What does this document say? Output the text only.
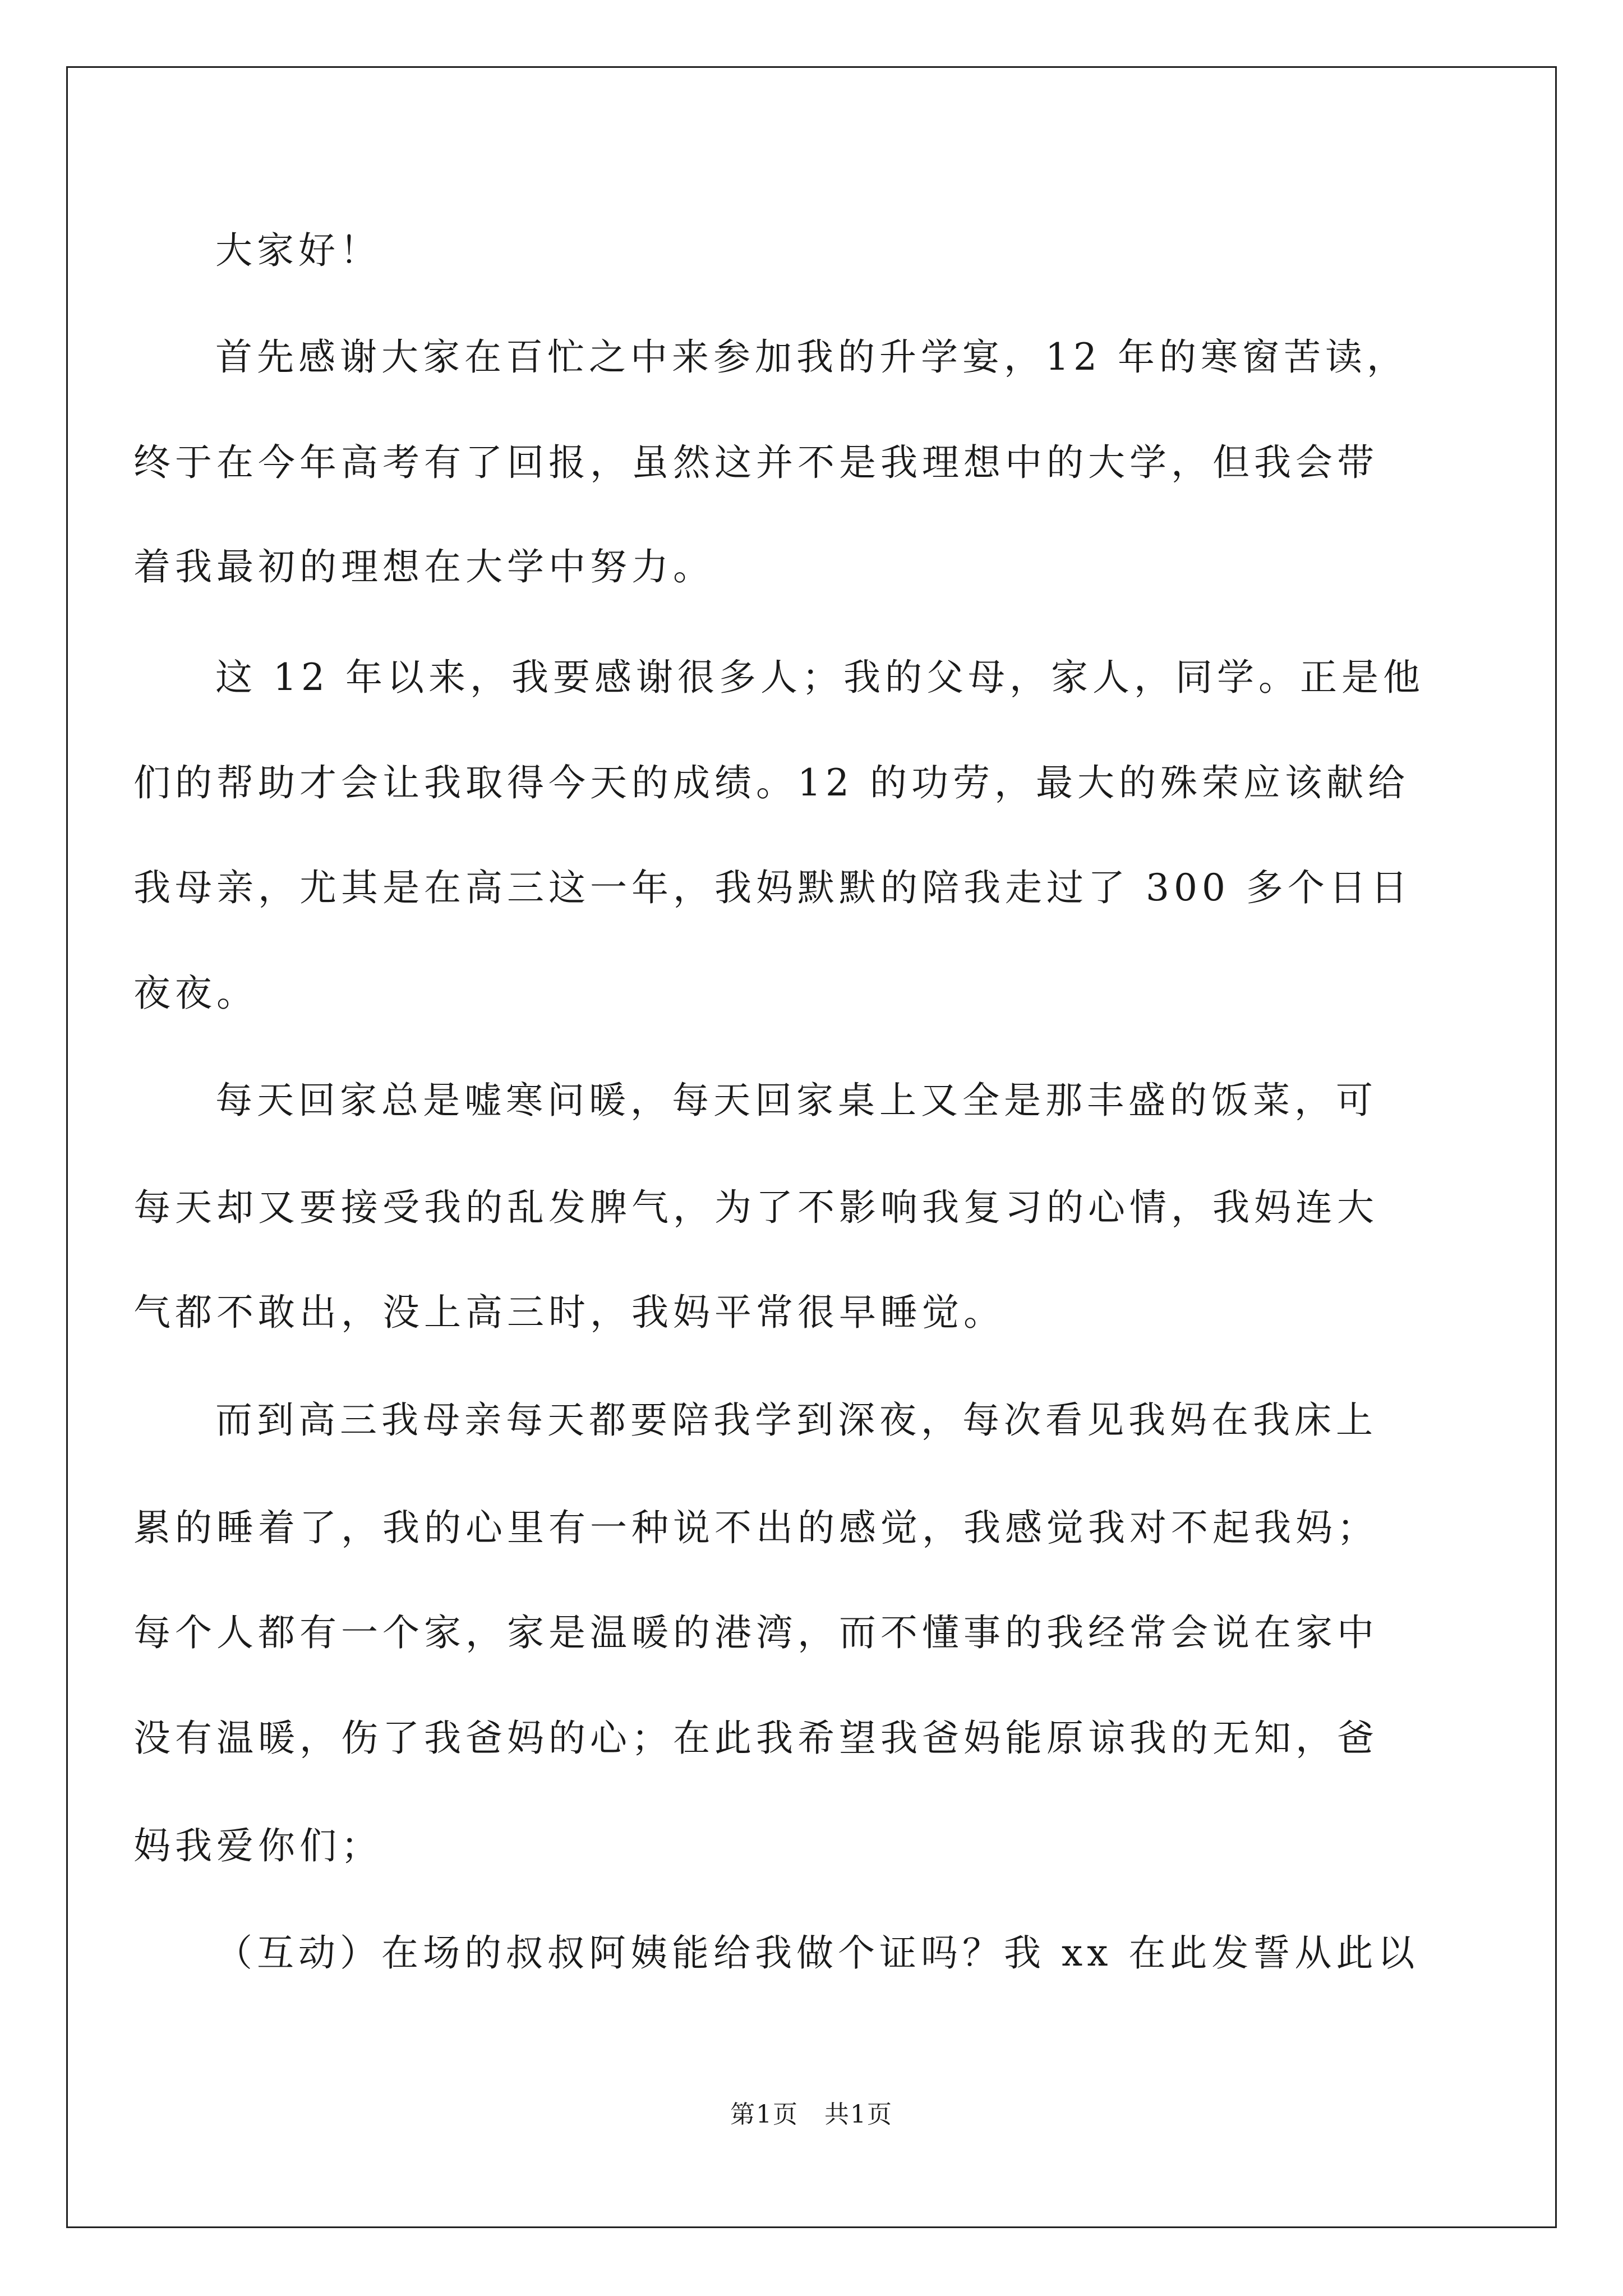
大家好！
首先感谢大家在百忙之中来参加我的升学宴，12 年的寒窗苦读，
终于在今年高考有了回报，虽然这并不是我理想中的大学，但我会带
着我最初的理想在大学中努力。
这 12 年以来，我要感谢很多人；我的父母，家人，同学。正是他
们的帮助才会让我取得今天的成绩。12 的功劳，最大的殊荣应该献给
我母亲，尤其是在高三这一年，我妈默默的陪我走过了 300 多个日日
夜夜。
每天回家总是嘘寒问暖，每天回家桌上又全是那丰盛的饭菜，可
每天却又要接受我的乱发脾气，为了不影响我复习的心情，我妈连大
气都不敢出，没上高三时，我妈平常很早睡觉。
而到高三我母亲每天都要陪我学到深夜，每次看见我妈在我床上
累的睡着了，我的心里有一种说不出的感觉，我感觉我对不起我妈；
每个人都有一个家，家是温暖的港湾，而不懂事的我经常会说在家中
没有温暖，伤了我爸妈的心；在此我希望我爸妈能原谅我的无知，爸
妈我爱你们；
（互动）在场的叔叔阿姨能给我做个证吗？我 xx 在此发誓从此以
第1页　共1页
